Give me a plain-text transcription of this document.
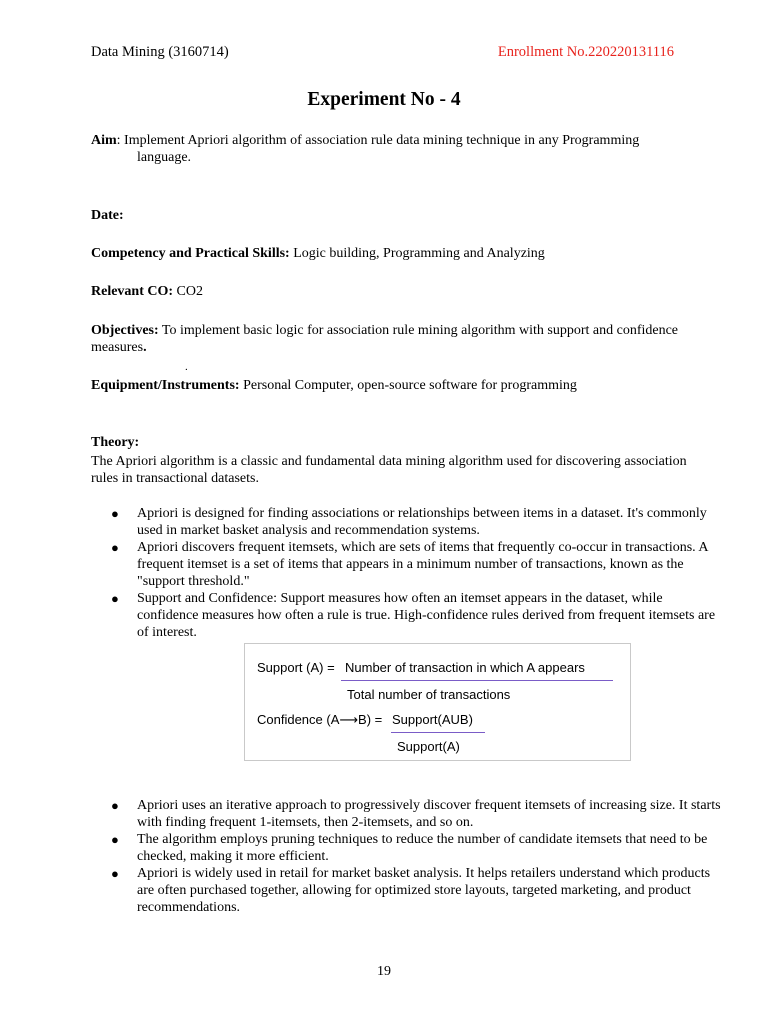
Data Mining (3160714)	Enrollment No.220220131116
Experiment No - 4
Aim: Implement Apriori algorithm of association rule data mining technique in any Programming
language.
Date:
Competency and Practical Skills: Logic building, Programming and Analyzing
Relevant CO: CO2
Objectives: To implement basic logic for association rule mining algorithm with support and confidence measures.
.
Equipment/Instruments: Personal Computer, open-source software for programming
Theory:
The Apriori algorithm is a classic and fundamental data mining algorithm used for discovering association rules in transactional datasets.
● Apriori is designed for finding associations or relationships between items in a dataset. It's commonly used in market basket analysis and recommendation systems.
● Apriori discovers frequent itemsets, which are sets of items that frequently co-occur in transactions. A frequent itemset is a set of items that appears in a minimum number of transactions, known as the "support threshold."
● Support and Confidence: Support measures how often an itemset appears in the dataset, while confidence measures how often a rule is true. High-confidence rules derived from frequent itemsets are of interest.
Support (A) = Number of transaction in which A appears
Total number of transactions
Confidence (A⟶B) = Support(AUB)
Support(A)
● Apriori uses an iterative approach to progressively discover frequent itemsets of increasing size. It starts with finding frequent 1-itemsets, then 2-itemsets, and so on.
● The algorithm employs pruning techniques to reduce the number of candidate itemsets that need to be checked, making it more efficient.
● Apriori is widely used in retail for market basket analysis. It helps retailers understand which products are often purchased together, allowing for optimized store layouts, targeted marketing, and product recommendations.
19
